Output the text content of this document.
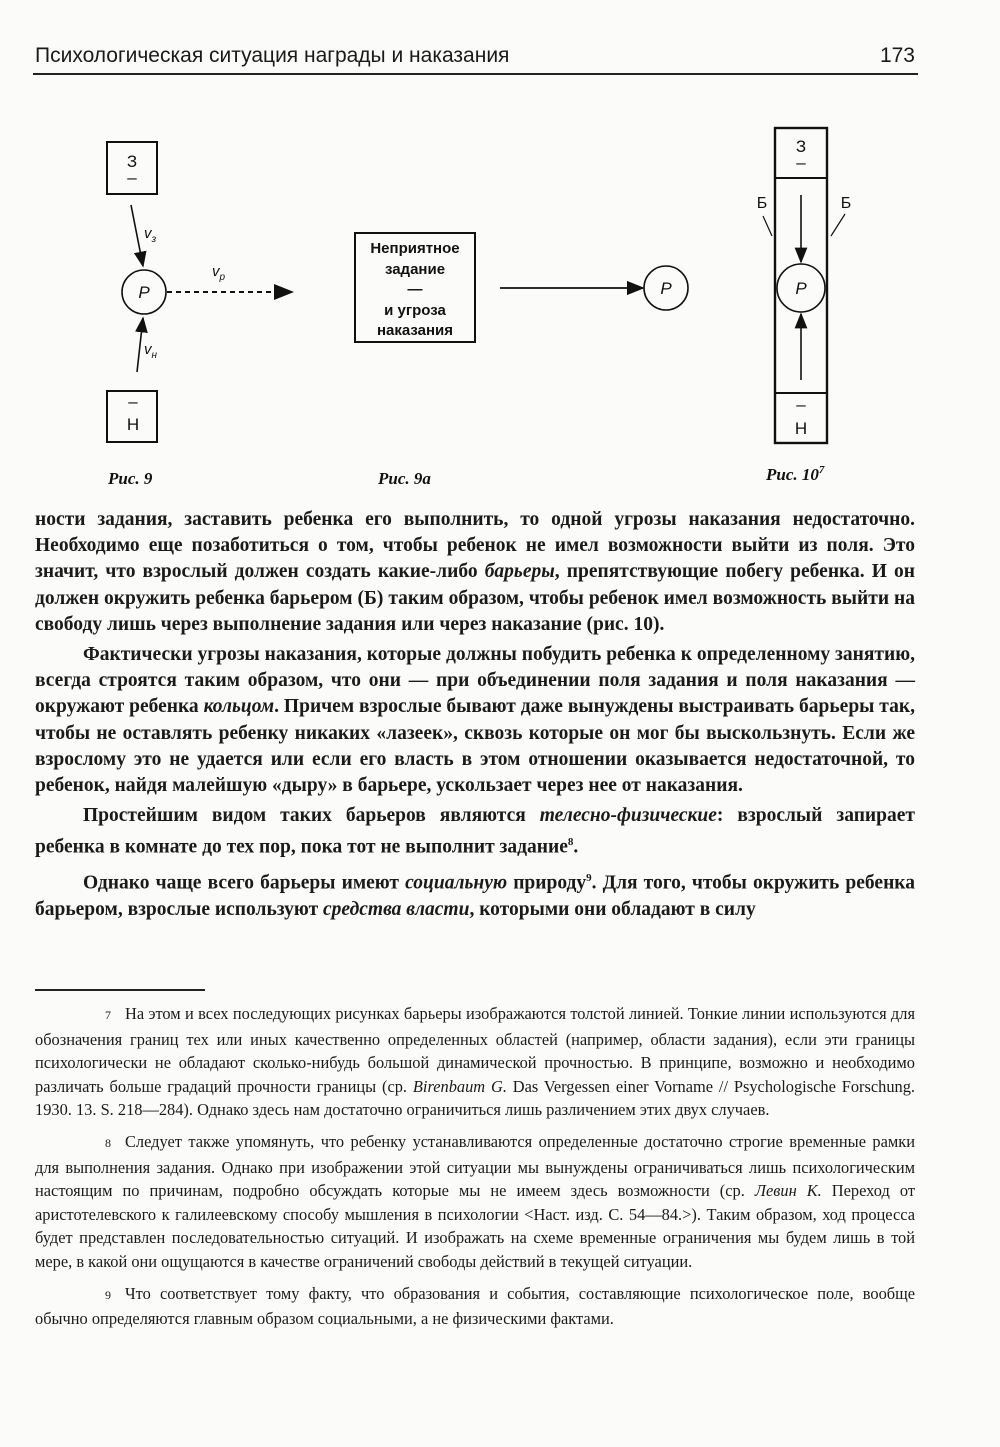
Психологическая ситуация награды и наказания	173
З
–
$v_з$
P
$v_р$
$v_н$
–
Н
Рис. 9
Неприятное
задание
—
и угроза
наказания
P
Рис. 9a
З
–
–
Н
Б	Б
P
Рис. $10^7$

ности задания, заставить ребенка его выполнить, то одной угрозы наказания недостаточно. Необходимо еще позаботиться о том, чтобы ребенок не имел возможности выйти из поля. Это значит, что взрослый должен создать какие-либо барьеры, препятствующие побегу ребенка. И он должен окружить ребенка барьером (Б) таким образом, чтобы ребенок имел возможность выйти на свободу лишь через выполнение задания или через наказание (рис. 10).

Фактически угрозы наказания, которые должны побудить ребенка к определенному занятию, всегда строятся таким образом, что они — при объединении поля задания и поля наказания — окружают ребенка кольцом. Причем взрослые бывают даже вынуждены выстраивать барьеры так, чтобы не оставлять ребенку никаких «лазеек», сквозь которые он мог бы выскользнуть. Если же взрослому это не удается или если его власть в этом отношении оказывается недостаточной, то ребенок, найдя малейшую «дыру» в барьере, ускользает через нее от наказания.

Простейшим видом таких барьеров являются телесно-физические: взрослый запирает ребенка в комнате до тех пор, пока тот не выполнит задание$^8$.

Однако чаще всего барьеры имеют социальную природу$^9$. Для того, чтобы окружить ребенка барьером, взрослые используют средства власти, которыми они обладают в силу

7 На этом и всех последующих рисунках барьеры изображаются толстой линией. Тонкие линии используются для обозначения границ тех или иных качественно определенных областей (например, области задания), если эти границы психологически не обладают сколько-нибудь большой динамической прочностью. В принципе, возможно и необходимо различать больше градаций прочности границы (ср. Birenbaum G. Das Vergessen einer Vorname // Psychologische Forschung. 1930. 13. S. 218—284). Однако здесь нам достаточно ограничиться лишь различением этих двух случаев.

8 Следует также упомянуть, что ребенку устанавливаются определенные достаточно строгие временные рамки для выполнения задания. Однако при изображении этой ситуации мы вынуждены ограничиваться лишь психологическим настоящим по причинам, подробно обсуждать которые мы не имеем здесь возможности (ср. Левин К. Переход от аристотелевского к галилеевскому способу мышления в психологии <Наст. изд. С. 54—84.>). Таким образом, ход процесса будет представлен последовательностью ситуаций. И изображать на схеме временные ограничения мы будем лишь в той мере, в какой они ощущаются в качестве ограничений свободы действий в текущей ситуации.

9 Что соответствует тому факту, что образования и события, составляющие психологическое поле, вообще обычно определяются главным образом социальными, а не физическими фактами.
